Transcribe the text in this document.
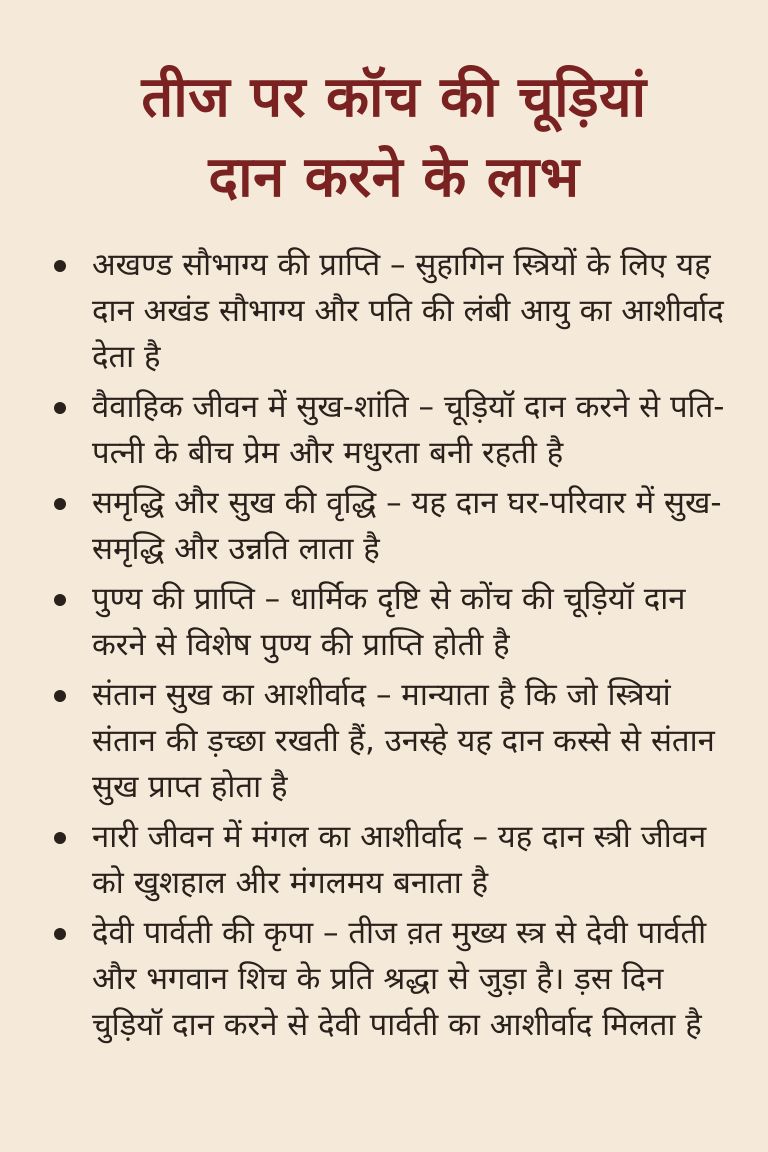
तीज पर कॉच की चूड़ियां
दान करने के लाभ
अखण्ड सौभाग्य की प्राप्ति – सुहागिन स्त्रियों के लिए यह दान अखंड सौभाग्य और पति की लंबी आयु का आशीर्वाद देता है
वैवाहिक जीवन में सुख-शांति – चूड़ियॉ दान करने से पति-पत्नी के बीच प्रेम और मधुरता बनी रहती है
समृद्धि और सुख की वृद्धि – यह दान घर-परिवार में सुख-समृद्धि और उन्नति लाता है
पुण्य की प्राप्ति – धार्मिक दृष्टि से कोंच की चूड़ियॉ दान करने से विशेष पुण्य की प्राप्ति होती है
संतान सुख का आशीर्वाद – मान्याता है कि जो स्त्रियां संतान की ड़च्छा रखती हैं, उनस्हे यह दान कस्से से संतान सुख प्राप्त होता है
नारी जीवन में मंगल का आशीर्वाद – यह दान स्त्री जीवन को खुशहाल अीर मंगलमय बनाता है
देवी पार्वती की कृपा – तीज व़त मुख्य स्त्र से देवी पार्वती और भगवान शिच के प्रति श्रद्धा से जुड़ा है। ड़स दिन चुड़ियॉ दान करने से देवी पार्वती का आशीर्वाद मिलता है
